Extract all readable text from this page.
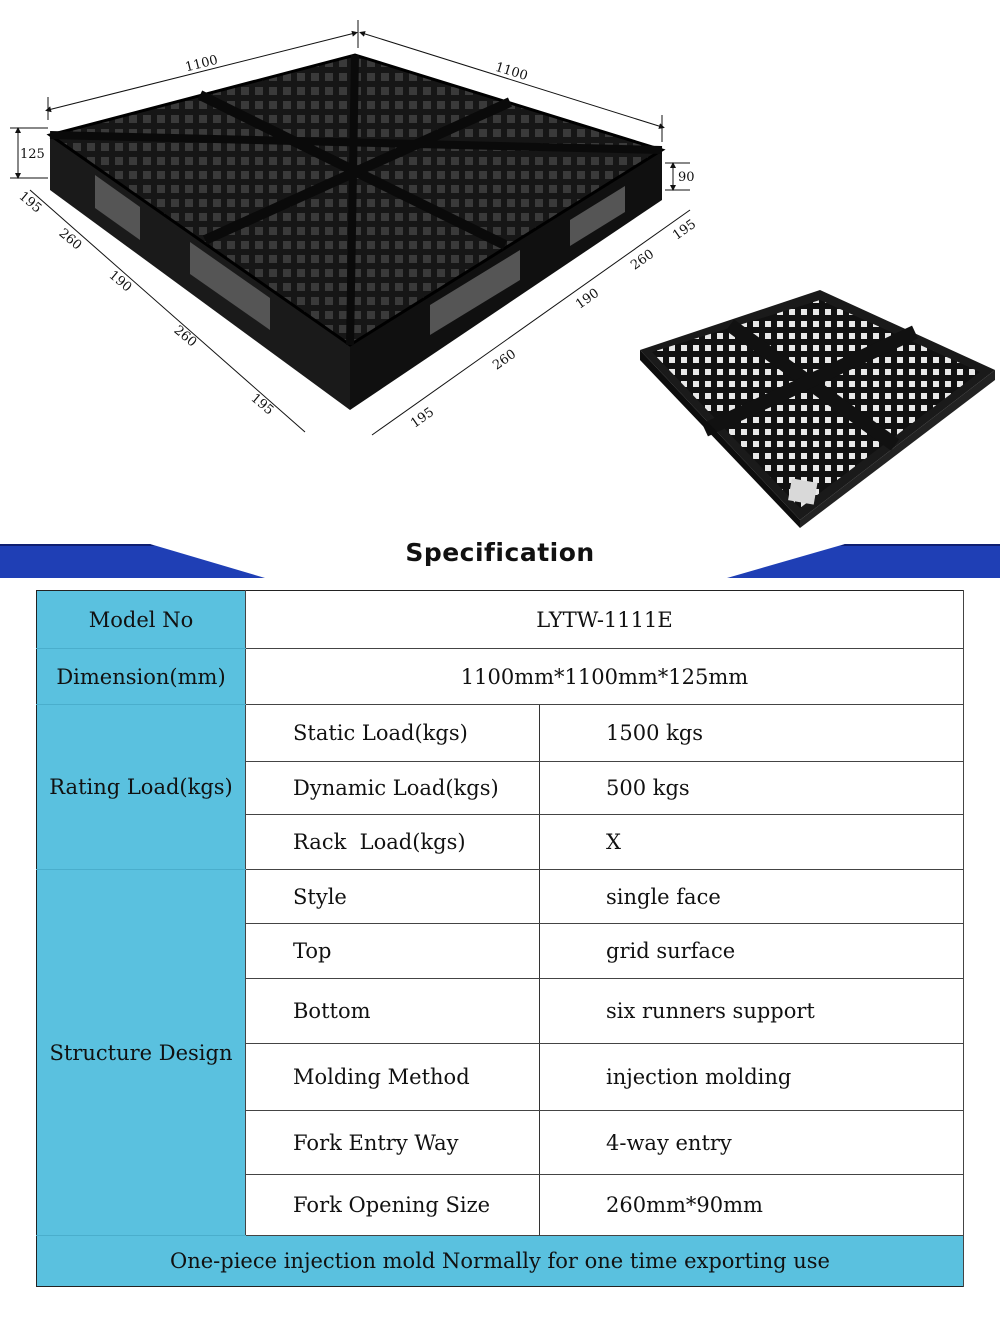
1100	1100
125
90
195
260
190
260
195	195
260
190
260
195
Specification
Model No	LYTW-1111E	
Dimension(mm)	1100mm*1100mm*125mm	
Rating Load(kgs)	Static Load(kgs)	1500 kgs
	Dynamic Load(kgs)	500 kgs
	Rack  Load(kgs)	X
Structure Design	Style	single face
	Top	grid surface
	Bottom	six runners support
	Molding Method	injection molding
	Fork Entry Way	4-way entry
	Fork Opening Size	260mm*90mm
One-piece injection mold Normally for one time exporting use		
